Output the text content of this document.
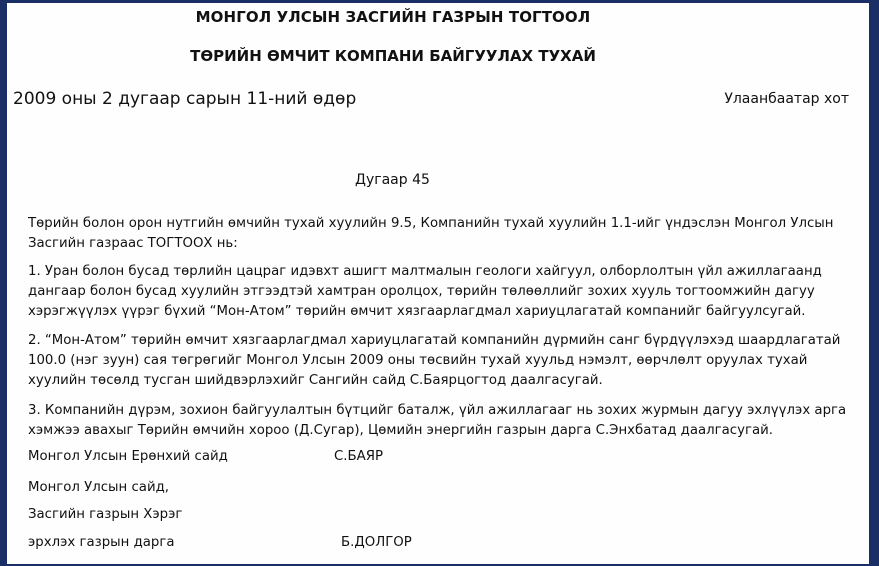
МОНГОЛ УЛСЫН ЗАСГИЙН ГАЗРЫН ТОГТООЛ
ТӨРИЙН ӨМЧИТ КОМПАНИ БАЙГУУЛАХ ТУХАЙ
2009 оны 2 дугаар сарын 11-ний өдөр	Улаанбаатар хот
Дугаар 45
Төрийн болон орон нутгийн өмчийн тухай хуулийн 9.5, Компанийн тухай хуулийн 1.1-ийг үндэслэн Монгол Улсын Засгийн газраас ТОГТООХ нь:
1. Уран болон бусад төрлийн цацраг идэвхт ашигт малтмалын геологи хайгуул, олборлолтын үйл ажиллагаанд дангаар болон бусад хуулийн этгээдтэй хамтран оролцох, төрийн төлөөллийг зохих хууль тогтоомжийн дагуу хэрэгжүүлэх үүрэг бүхий “Мон-Атом” төрийн өмчит хязгаарлагдмал хариуцлагатай компанийг байгуулсугай.
2. “Мон-Атом” төрийн өмчит хязгаарлагдмал хариуцлагатай компанийн дүрмийн санг бүрдүүлэхэд шаардлагатай 100.0 (нэг зуун) сая төгрөгийг Монгол Улсын 2009 оны төсвийн тухай хуульд нэмэлт, өөрчлөлт оруулах тухай хуулийн төсөлд тусган шийдвэрлэхийг Сангийн сайд С.Баярцогтод даалгасугай.
3. Компанийн дүрэм, зохион байгуулалтын бүтцийг баталж, үйл ажиллагааг нь зохих журмын дагуу эхлүүлэх арга хэмжээ авахыг Төрийн өмчийн хороо (Д.Сугар), Цөмийн энергийн газрын дарга С.Энхбатад даалгасугай.
Монгол Улсын Ерөнхий сайд	С.БАЯР
Монгол Улсын сайд,
Засгийн газрын Хэрэг
эрхлэх газрын дарга	Б.ДОЛГОР
